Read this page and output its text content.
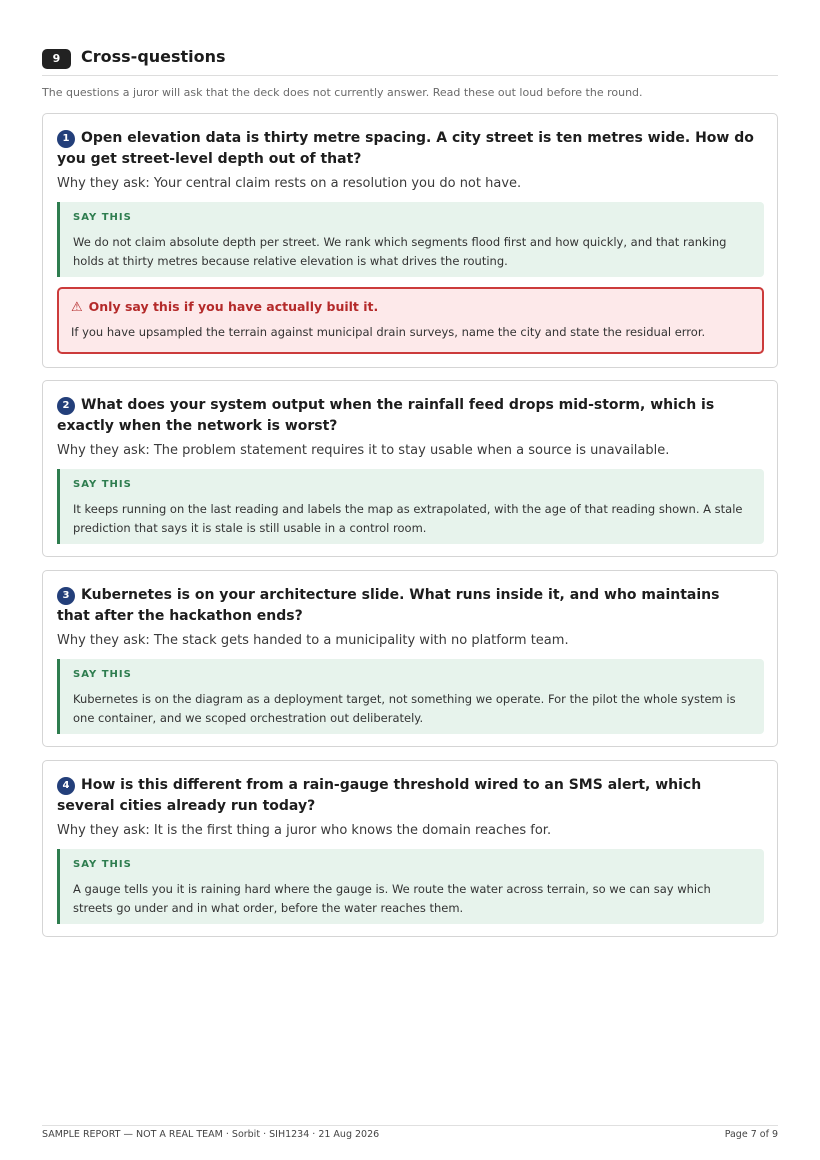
9	Cross-questions
The questions a juror will ask that the deck does not currently answer. Read these out loud before the round.
1 Open elevation data is thirty metre spacing. A city street is ten metres wide. How do you get street-level depth out of that?
Why they ask: Your central claim rests on a resolution you do not have.
SAY THIS
We do not claim absolute depth per street. We rank which segments flood first and how quickly, and that ranking holds at thirty metres because relative elevation is what drives the routing.
⚠ Only say this if you have actually built it.
If you have upsampled the terrain against municipal drain surveys, name the city and state the residual error.
2 What does your system output when the rainfall feed drops mid-storm, which is exactly when the network is worst?
Why they ask: The problem statement requires it to stay usable when a source is unavailable.
SAY THIS
It keeps running on the last reading and labels the map as extrapolated, with the age of that reading shown. A stale prediction that says it is stale is still usable in a control room.
3 Kubernetes is on your architecture slide. What runs inside it, and who maintains that after the hackathon ends?
Why they ask: The stack gets handed to a municipality with no platform team.
SAY THIS
Kubernetes is on the diagram as a deployment target, not something we operate. For the pilot the whole system is one container, and we scoped orchestration out deliberately.
4 How is this different from a rain-gauge threshold wired to an SMS alert, which several cities already run today?
Why they ask: It is the first thing a juror who knows the domain reaches for.
SAY THIS
A gauge tells you it is raining hard where the gauge is. We route the water across terrain, so we can say which streets go under and in what order, before the water reaches them.
SAMPLE REPORT — NOT A REAL TEAM · Sorbit · SIH1234 · 21 Aug 2026	Page 7 of 9
